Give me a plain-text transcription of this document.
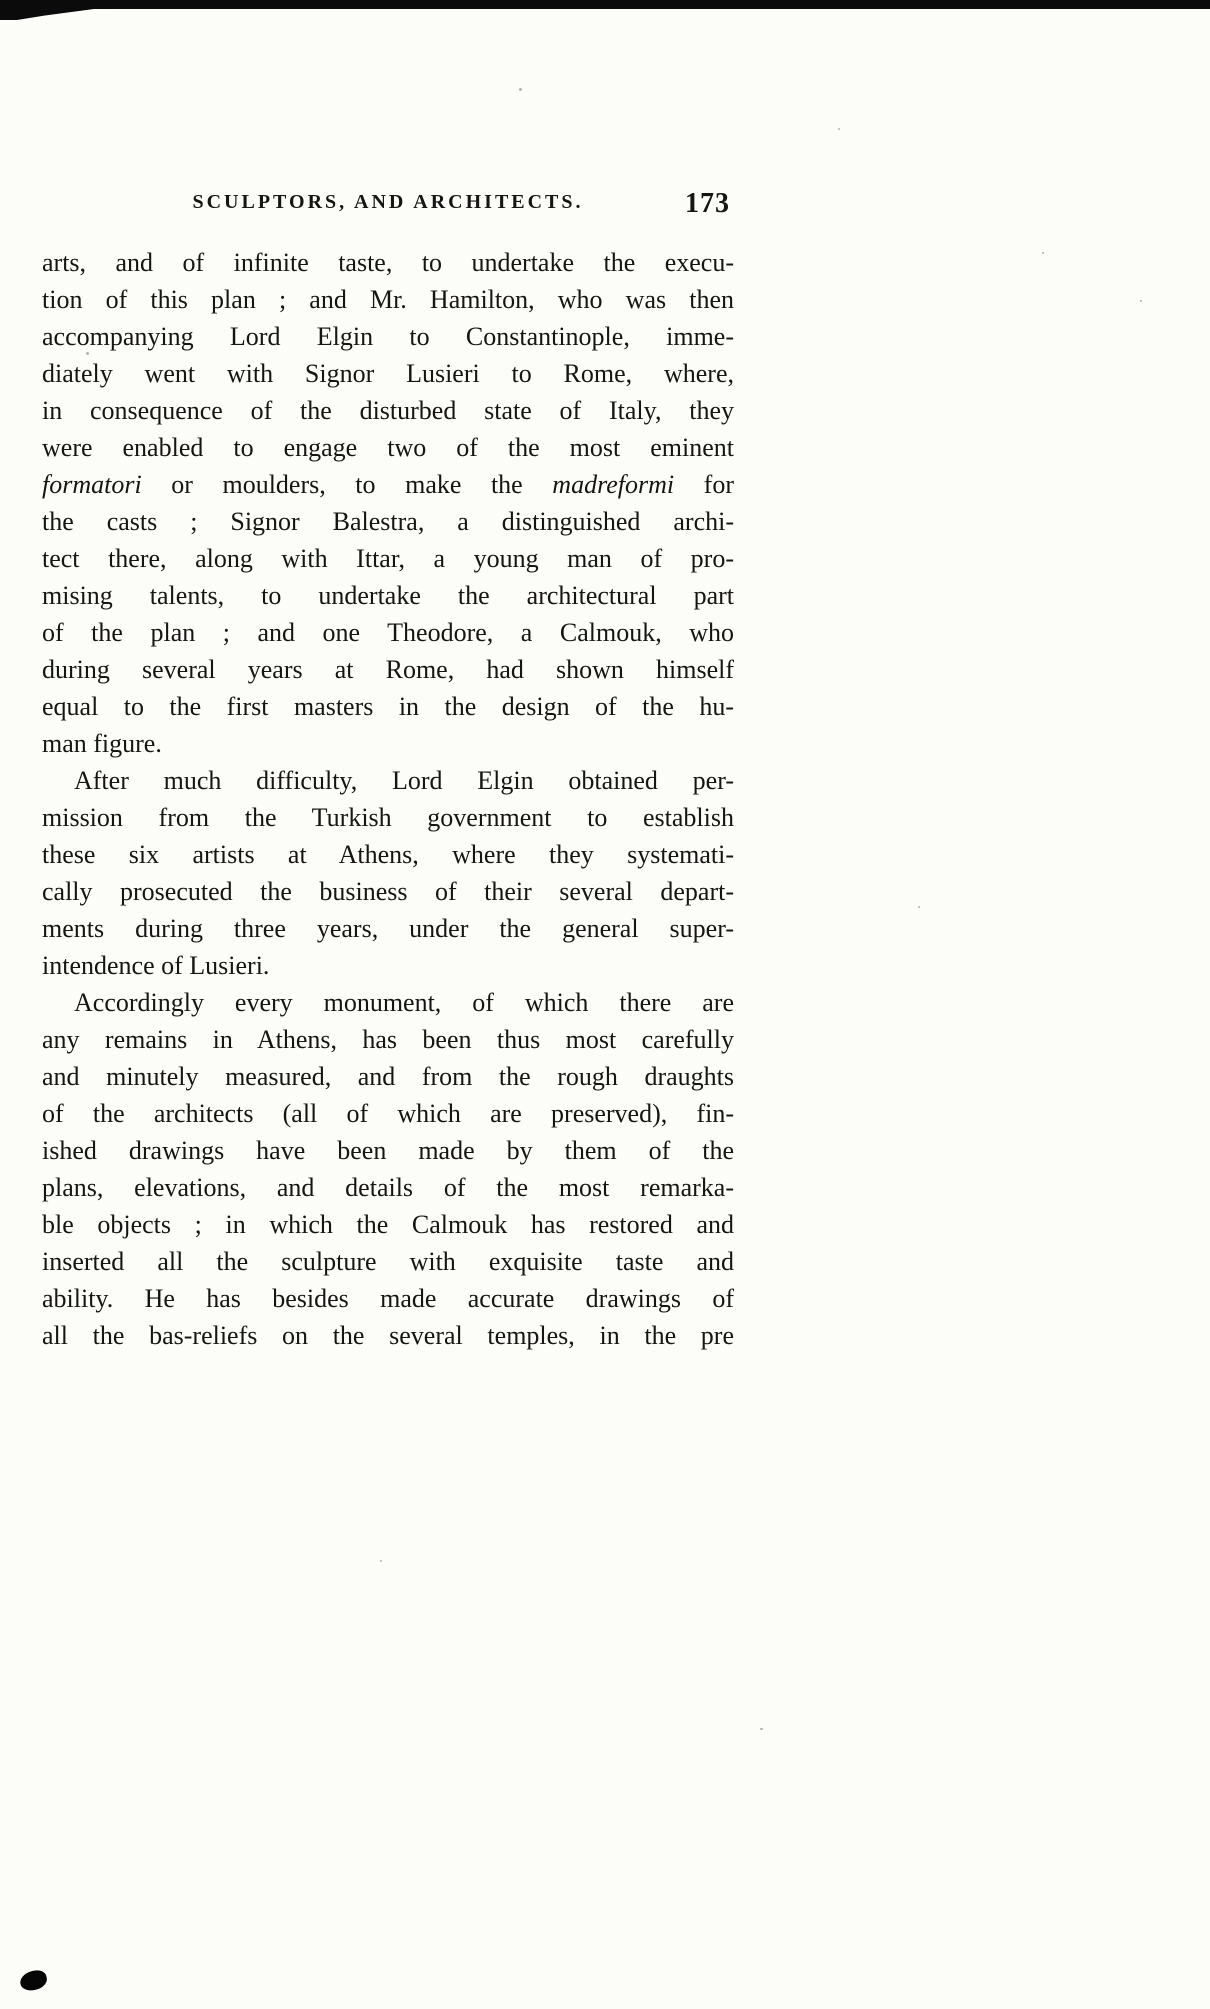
SCULPTORS, AND ARCHITECTS.	173
arts, and of infinite taste, to undertake the execu-
tion of this plan ; and Mr. Hamilton, who was then
accompanying Lord Elgin to Constantinople, imme-
diately went with Signor Lusieri to Rome, where,
in consequence of the disturbed state of Italy, they
were enabled to engage two of the most eminent
formatori or moulders, to make the madreformi for
the casts ; Signor Balestra, a distinguished archi-
tect there, along with Ittar, a young man of pro-
mising talents, to undertake the architectural part
of the plan ; and one Theodore, a Calmouk, who
during several years at Rome, had shown himself
equal to the first masters in the design of the hu-
man figure.
After much difficulty, Lord Elgin obtained per-
mission from the Turkish government to establish
these six artists at Athens, where they systemati-
cally prosecuted the business of their several depart-
ments during three years, under the general super-
intendence of Lusieri.
Accordingly every monument, of which there are
any remains in Athens, has been thus most carefully
and minutely measured, and from the rough draughts
of the architects (all of which are preserved), fin-
ished drawings have been made by them of the
plans, elevations, and details of the most remarka-
ble objects ; in which the Calmouk has restored and
inserted all the sculpture with exquisite taste and
ability. He has besides made accurate drawings of
all the bas-reliefs on the several temples, in the pre
